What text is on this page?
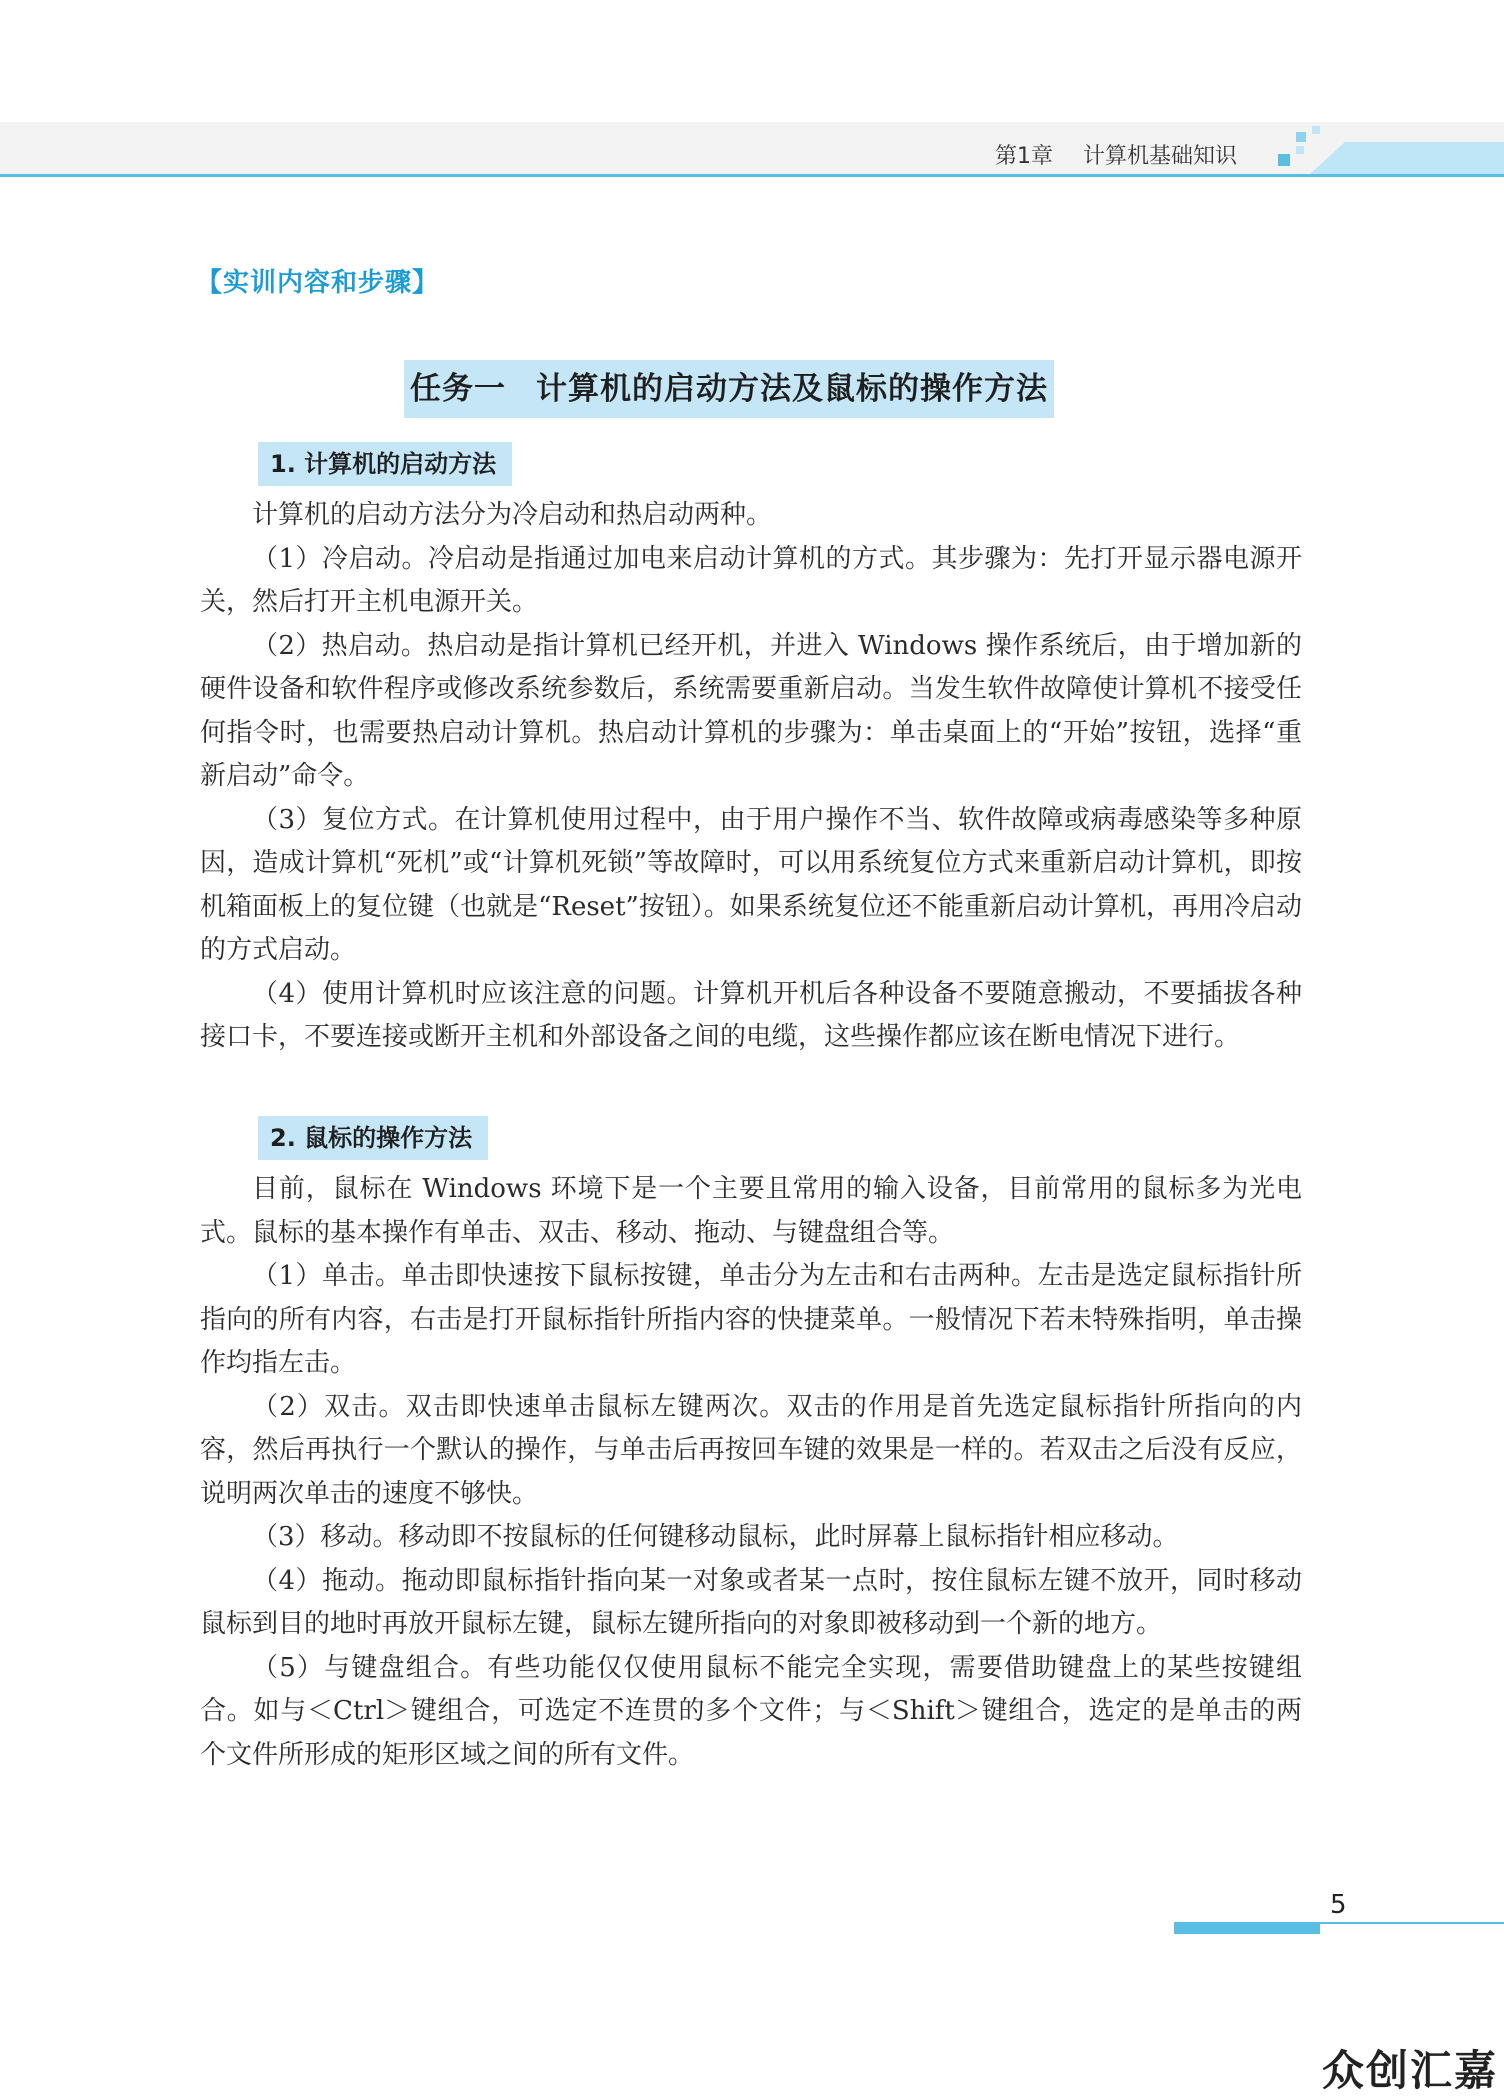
第1章 计算机基础知识
【实训内容和步骤】
任务一 计算机的启动方法及鼠标的操作方法
1. 计算机的启动方法

计算机的启动方法分为冷启动和热启动两种。

（1）冷启动。冷启动是指通过加电来启动计算机的方式。其步骤为：先打开显示器电源开关，然后打开主机电源开关。

（2）热启动。热启动是指计算机已经开机，并进入 Windows 操作系统后，由于增加新的硬件设备和软件程序或修改系统参数后，系统需要重新启动。当发生软件故障使计算机不接受任何指令时，也需要热启动计算机。热启动计算机的步骤为：单击桌面上的“开始”按钮，选择“重新启动”命令。

（3）复位方式。在计算机使用过程中，由于用户操作不当、软件故障或病毒感染等多种原因，造成计算机“死机”或“计算机死锁”等故障时，可以用系统复位方式来重新启动计算机，即按机箱面板上的复位键（也就是“Reset”按钮）。如果系统复位还不能重新启动计算机，再用冷启动的方式启动。

（4）使用计算机时应该注意的问题。计算机开机后各种设备不要随意搬动，不要插拔各种接口卡，不要连接或断开主机和外部设备之间的电缆，这些操作都应该在断电情况下进行。

2. 鼠标的操作方法

目前，鼠标在 Windows 环境下是一个主要且常用的输入设备，目前常用的鼠标多为光电式。鼠标的基本操作有单击、双击、移动、拖动、与键盘组合等。

（1）单击。单击即快速按下鼠标按键，单击分为左击和右击两种。左击是选定鼠标指针所指向的所有内容，右击是打开鼠标指针所指内容的快捷菜单。一般情况下若未特殊指明，单击操作均指左击。

（2）双击。双击即快速单击鼠标左键两次。双击的作用是首先选定鼠标指针所指向的内容，然后再执行一个默认的操作，与单击后再按回车键的效果是一样的。若双击之后没有反应，说明两次单击的速度不够快。

（3）移动。移动即不按鼠标的任何键移动鼠标，此时屏幕上鼠标指针相应移动。

（4）拖动。拖动即鼠标指针指向某一对象或者某一点时，按住鼠标左键不放开，同时移动鼠标到目的地时再放开鼠标左键，鼠标左键所指向的对象即被移动到一个新的地方。

（5）与键盘组合。有些功能仅仅使用鼠标不能完全实现，需要借助键盘上的某些按键组合。如与＜Ctrl＞键组合，可选定不连贯的多个文件；与＜Shift＞键组合，选定的是单击的两个文件所形成的矩形区域之间的所有文件。

5
众创汇嘉
